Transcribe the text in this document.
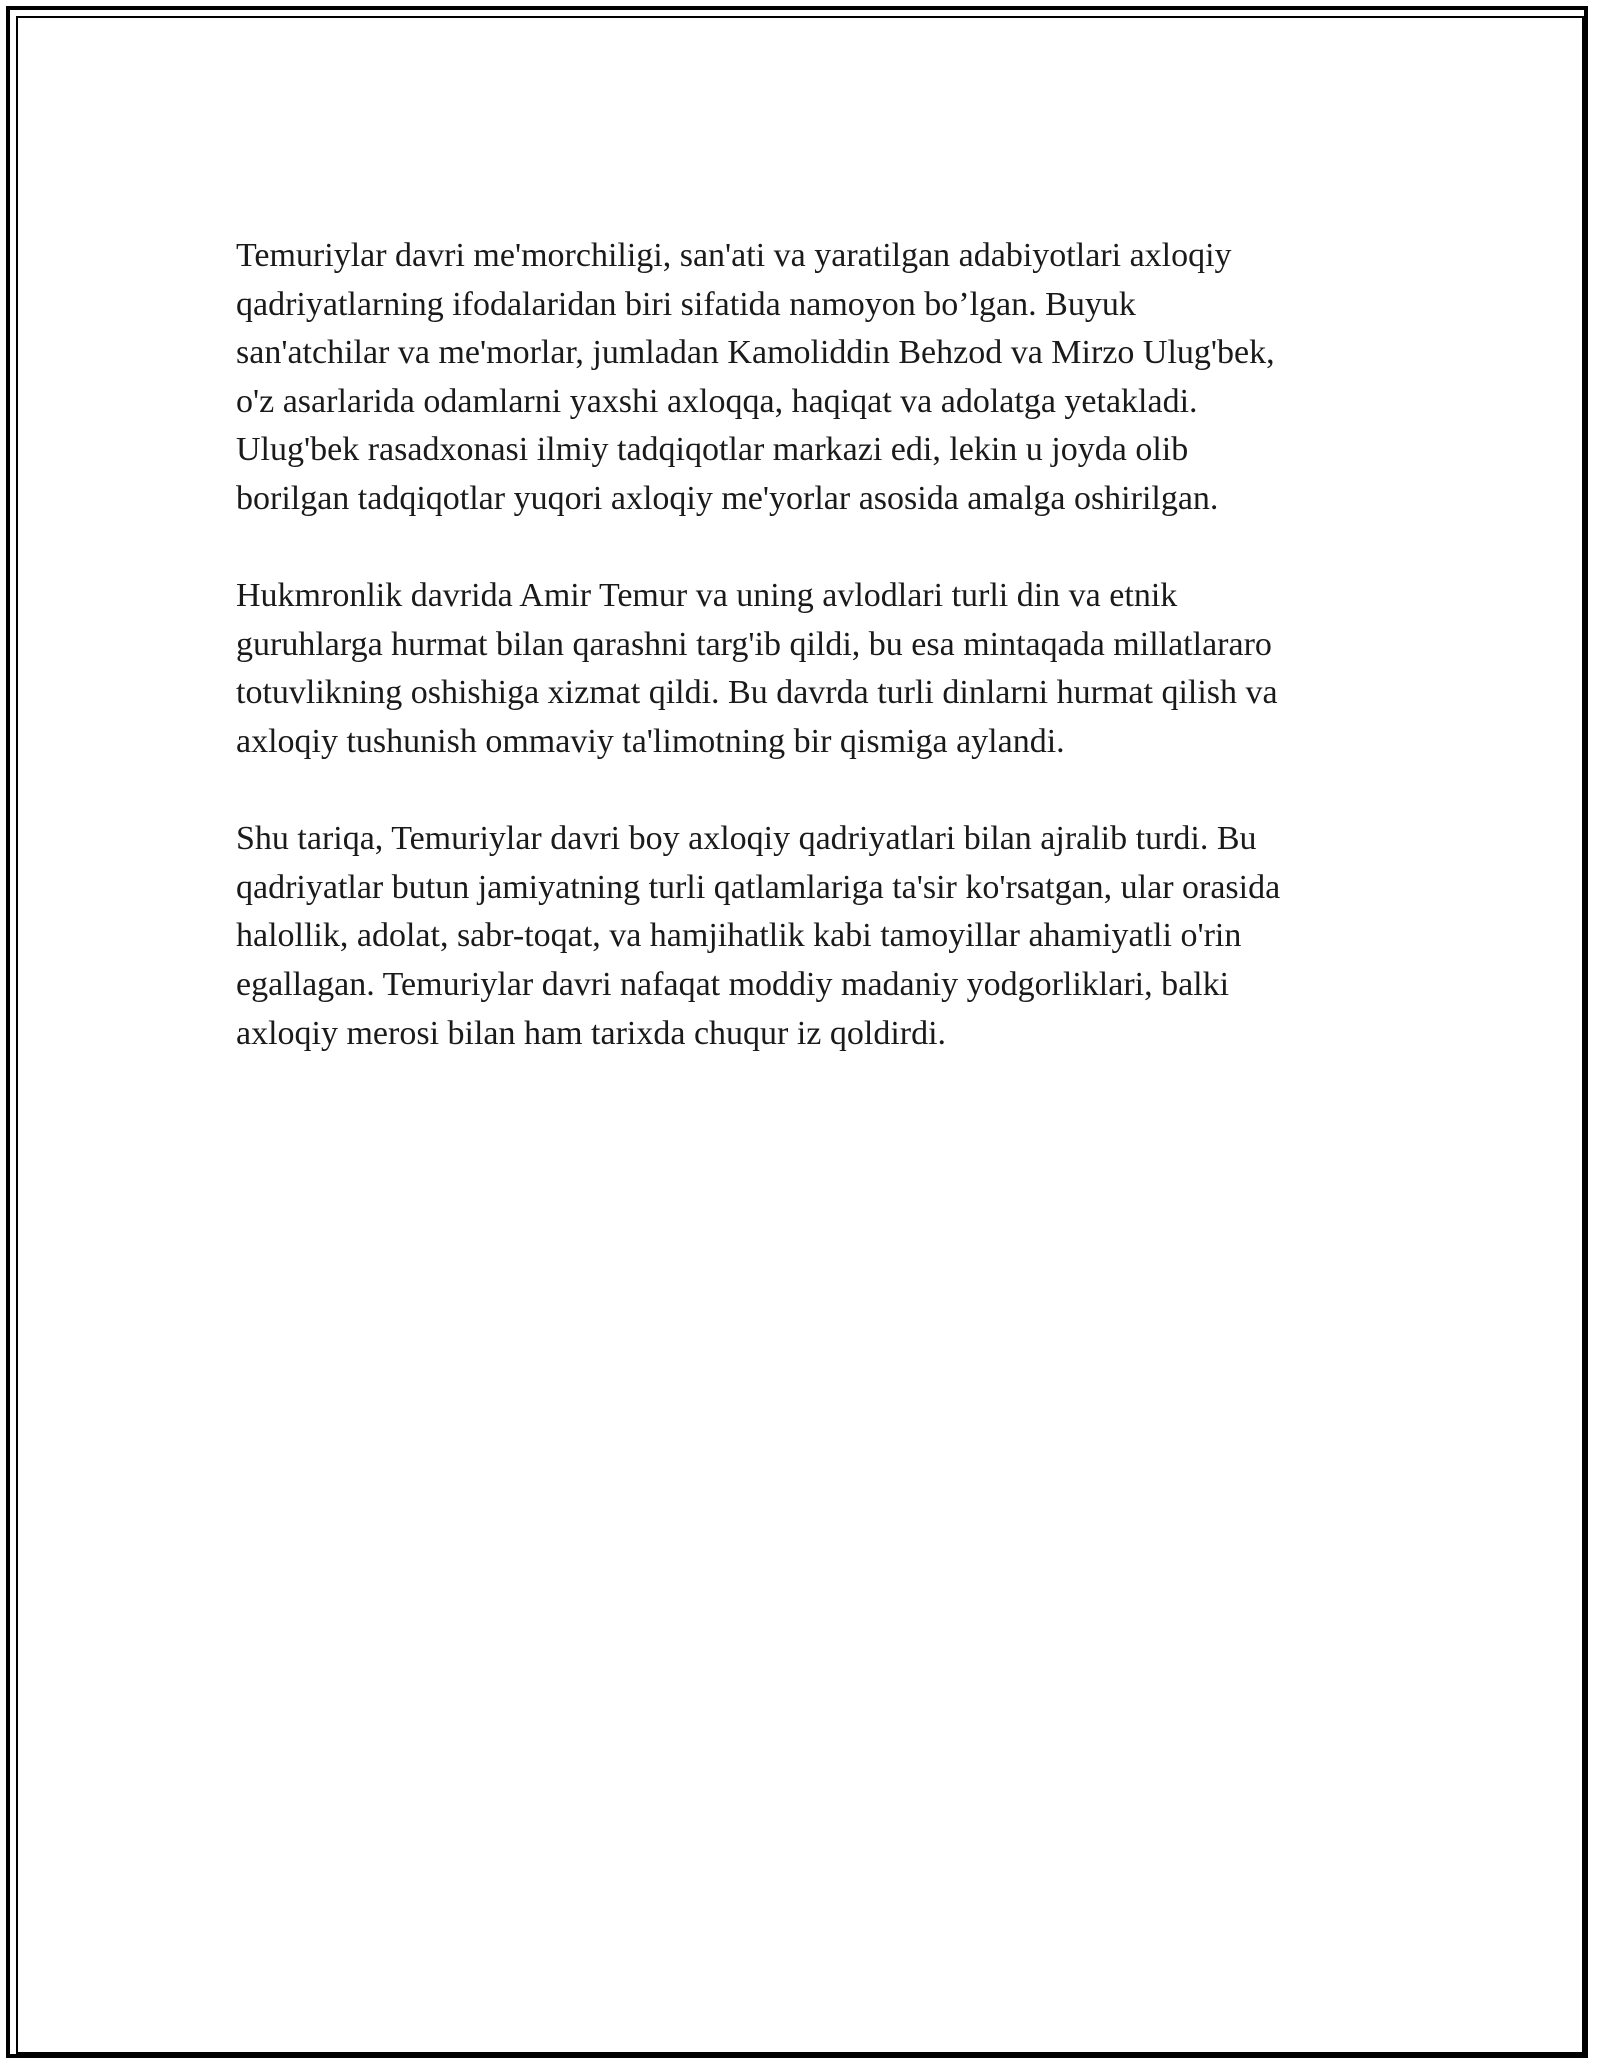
Temuriylar davri me'morchiligi, san'ati va yaratilgan adabiyotlari axloqiy
qadriyatlarning ifodalaridan biri sifatida namoyon bo’lgan. Buyuk
san'atchilar va me'morlar, jumladan Kamoliddin Behzod va Mirzo Ulug'bek,
o'z asarlarida odamlarni yaxshi axloqqa, haqiqat va adolatga yetakladi.
Ulug'bek rasadxonasi ilmiy tadqiqotlar markazi edi, lekin u joyda olib
borilgan tadqiqotlar yuqori axloqiy me'yorlar asosida amalga oshirilgan.

Hukmronlik davrida Amir Temur va uning avlodlari turli din va etnik
guruhlarga hurmat bilan qarashni targ'ib qildi, bu esa mintaqada millatlararo
totuvlikning oshishiga xizmat qildi. Bu davrda turli dinlarni hurmat qilish va
axloqiy tushunish ommaviy ta'limotning bir qismiga aylandi.

Shu tariqa, Temuriylar davri boy axloqiy qadriyatlari bilan ajralib turdi. Bu
qadriyatlar butun jamiyatning turli qatlamlariga ta'sir ko'rsatgan, ular orasida
halollik, adolat, sabr-toqat, va hamjihatlik kabi tamoyillar ahamiyatli o'rin
egallagan. Temuriylar davri nafaqat moddiy madaniy yodgorliklari, balki
axloqiy merosi bilan ham tarixda chuqur iz qoldirdi.
